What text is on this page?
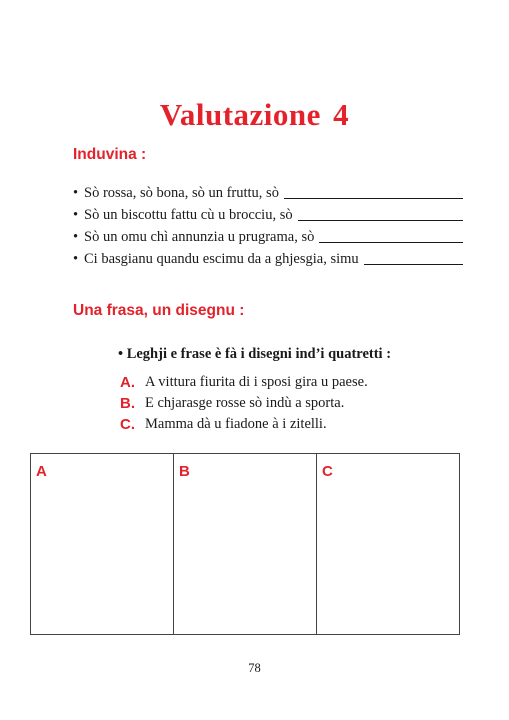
Valutazione 4
Induvina :
• Sò rossa, sò bona, sò un fruttu, sò
• Sò un biscottu fattu cù u brocciu, sò
• Sò un omu chì annunzia u prugrama, sò
• Ci basgianu quandu escimu da a ghjesgia, simu
Una frasa, un disegnu :

• Leghji e frase è fà i disegni ind’i quatretti :

A. A vittura fiurita di i sposi gira u paese.
B. E chjarasge rosse sò indù a sporta.
C. Mamma dà u fiadone à i zitelli.
A	B	C
78
